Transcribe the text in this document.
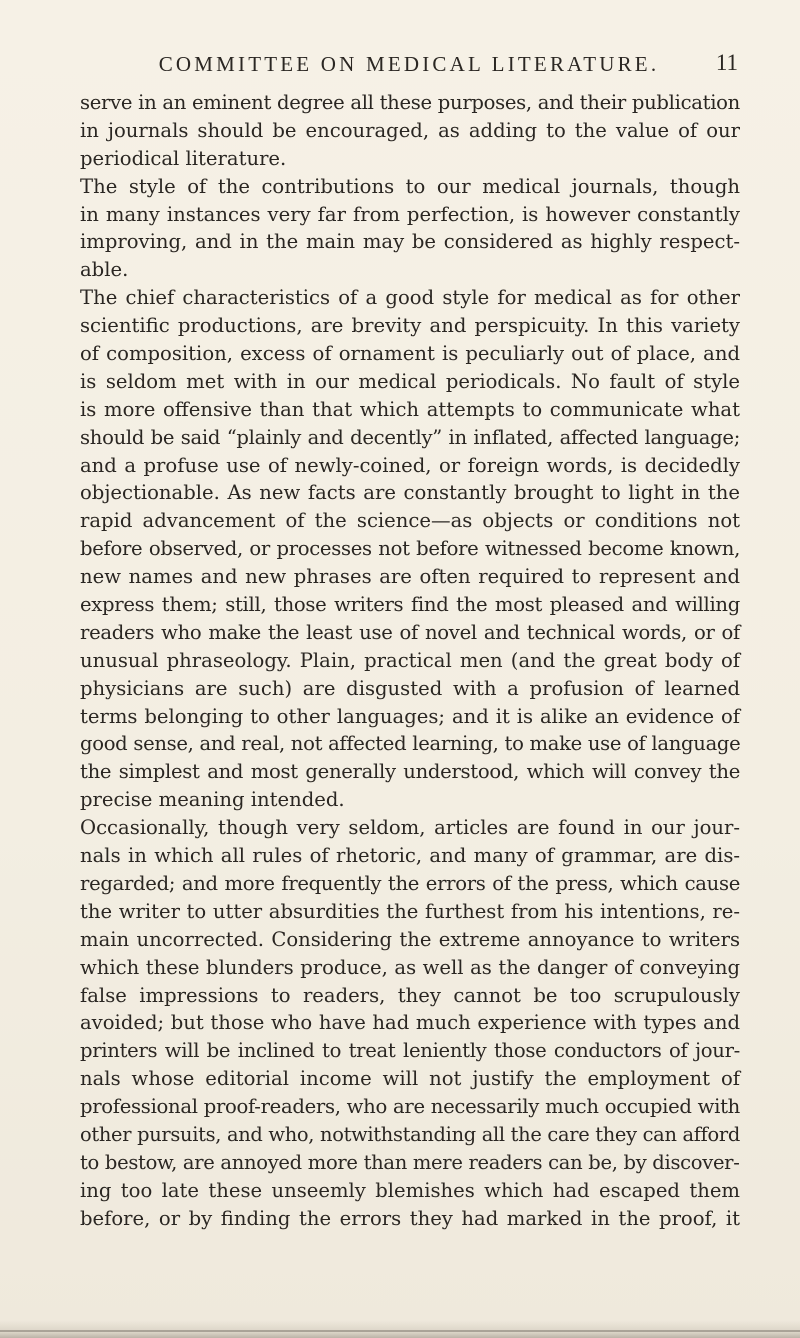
COMMITTEE ON MEDICAL LITERATURE.	11
serve in an eminent degree all these purposes, and their publication
in journals should be encouraged, as adding to the value of our
periodical literature.
The style of the contributions to our medical journals, though
in many instances very far from perfection, is however constantly
improving, and in the main may be considered as highly respect-
able.
The chief characteristics of a good style for medical as for other
scientific productions, are brevity and perspicuity. In this variety
of composition, excess of ornament is peculiarly out of place, and
is seldom met with in our medical periodicals. No fault of style
is more offensive than that which attempts to communicate what
should be said “plainly and decently” in inflated, affected language;
and a profuse use of newly-coined, or foreign words, is decidedly
objectionable. As new facts are constantly brought to light in the
rapid advancement of the science—as objects or conditions not
before observed, or processes not before witnessed become known,
new names and new phrases are often required to represent and
express them; still, those writers find the most pleased and willing
readers who make the least use of novel and technical words, or of
unusual phraseology. Plain, practical men (and the great body of
physicians are such) are disgusted with a profusion of learned
terms belonging to other languages; and it is alike an evidence of
good sense, and real, not affected learning, to make use of language
the simplest and most generally understood, which will convey the
precise meaning intended.
Occasionally, though very seldom, articles are found in our jour-
nals in which all rules of rhetoric, and many of grammar, are dis-
regarded; and more frequently the errors of the press, which cause
the writer to utter absurdities the furthest from his intentions, re-
main uncorrected. Considering the extreme annoyance to writers
which these blunders produce, as well as the danger of conveying
false impressions to readers, they cannot be too scrupulously
avoided; but those who have had much experience with types and
printers will be inclined to treat leniently those conductors of jour-
nals whose editorial income will not justify the employment of
professional proof-readers, who are necessarily much occupied with
other pursuits, and who, notwithstanding all the care they can afford
to bestow, are annoyed more than mere readers can be, by discover-
ing too late these unseemly blemishes which had escaped them
before, or by finding the errors they had marked in the proof, it
